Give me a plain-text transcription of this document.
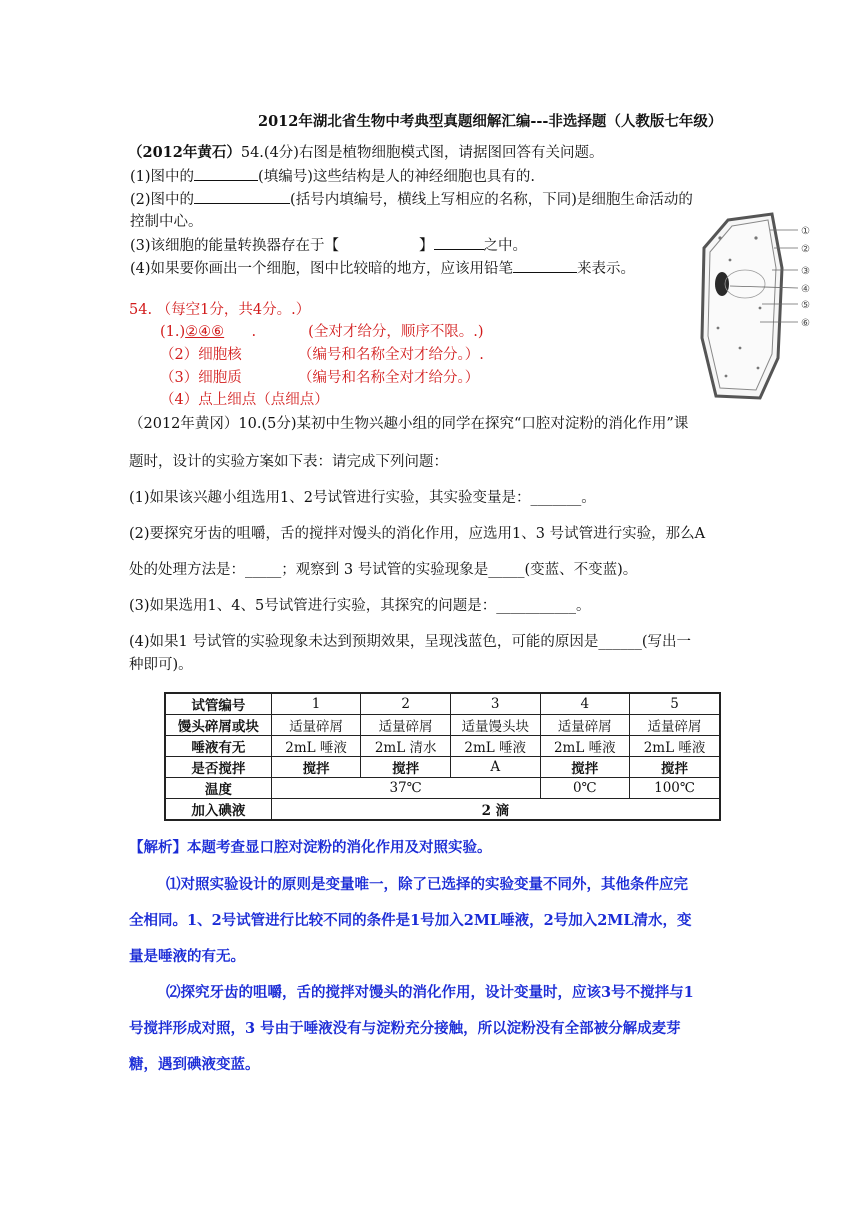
2012年湖北省生物中考典型真题细解汇编---非选择题（人教版七年级）
（2012年黄石）54.(4分)右图是植物细胞模式图，请据图回答有关问题。
(1)图中的	(填编号)这些结构是人的神经细胞也具有的.
(2)图中的	(括号内填编号，横线上写相应的名称，下同)是细胞生命活动的
控制中心。
(3)该细胞的能量转换器存在于【	】	之中。
(4)如果要你画出一个细胞，图中比较暗的地方，应该用铅笔	来表示。
①
②
③
④
⑤
⑥
54. （每空1分，共4分。.）
(1.)②④⑥ .	(全对才给分，顺序不限。.)
（2）细胞核	（编号和名称全对才给分。）.
（3）细胞质	（编号和名称全对才给分。）
（4）点上细点（点细点）
（2012年黄冈）10.(5分)某初中生物兴趣小组的同学在探究“口腔对淀粉的消化作用”课
题时，设计的实验方案如下表：请完成下列问题：
(1)如果该兴趣小组选用1、2号试管进行实验，其实验变量是：_______。
(2)要探究牙齿的咀嚼，舌的搅拌对馒头的消化作用，应选用1、3 号试管进行实验，那么A
处的处理方法是：_____；观察到 3 号试管的实验现象是_____(变蓝、不变蓝)。
(3)如果选用1、4、5号试管进行实验，其探究的问题是：___________。
(4)如果1 号试管的实验现象未达到预期效果，呈现浅蓝色，可能的原因是______(写出一
种即可)。
试管编号	1	2	3	4	5
馒头碎屑或块	适量碎屑	适量碎屑	适量馒头块	适量碎屑	适量碎屑
唾液有无	2mL 唾液	2mL 清水	2mL 唾液	2mL 唾液	2mL 唾液
是否搅拌	搅拌	搅拌	A	搅拌	搅拌
温度	37℃			0℃	100℃
加入碘液	2 滴				
【解析】本题考查显口腔对淀粉的消化作用及对照实验。
⑴对照实验设计的原则是变量唯一，除了已选择的实验变量不同外，其他条件应完
全相同。1、2号试管进行比较不同的条件是1号加入2ML唾液，2号加入2ML清水，变
量是唾液的有无。
⑵探究牙齿的咀嚼，舌的搅拌对馒头的消化作用，设计变量时，应该3号不搅拌与1
号搅拌形成对照，3 号由于唾液没有与淀粉充分接触，所以淀粉没有全部被分解成麦芽
糖，遇到碘液变蓝。
